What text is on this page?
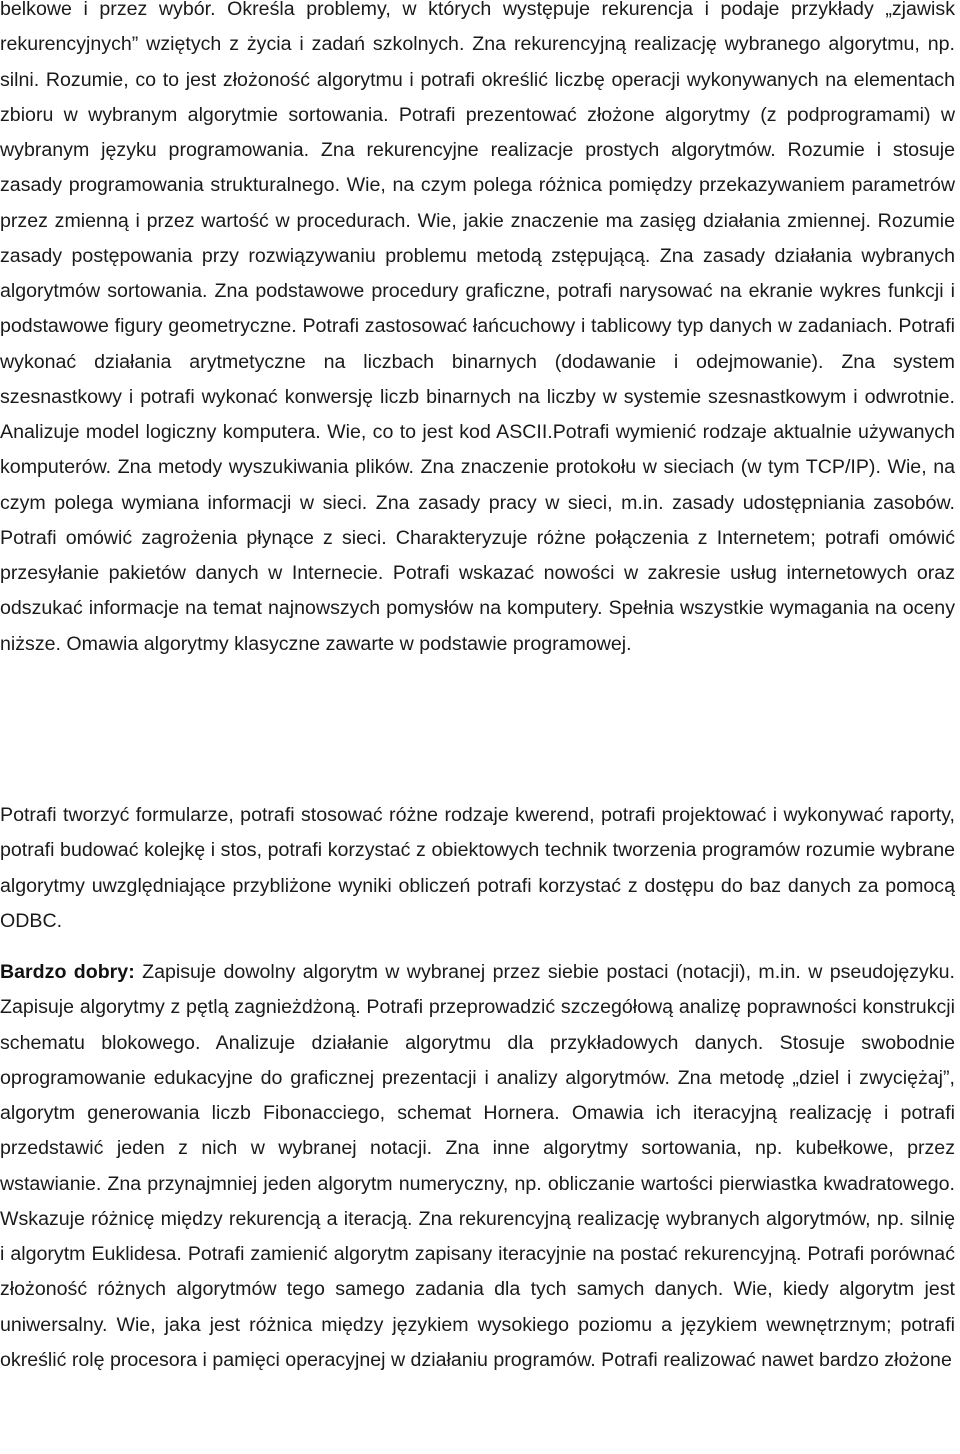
belkowe i przez wybór. Określa problemy, w których występuje rekurencja i podaje przykłady „zjawisk rekurencyjnych” wziętych z życia i zadań szkolnych. Zna rekurencyjną realizację wybranego algorytmu, np. silni. Rozumie, co to jest złożoność algorytmu i potrafi określić liczbę operacji wykonywanych na elementach zbioru w wybranym algorytmie sortowania. Potrafi prezentować złożone algorytmy (z podprogramami) w wybranym języku programowania. Zna rekurencyjne realizacje prostych algorytmów. Rozumie i stosuje zasady programowania strukturalnego. Wie, na czym polega różnica pomiędzy przekazywaniem parametrów przez zmienną i przez wartość w procedurach. Wie, jakie znaczenie ma zasięg działania zmiennej. Rozumie zasady postępowania przy rozwiązywaniu problemu metodą zstępującą. Zna zasady działania wybranych algorytmów sortowania. Zna podstawowe procedury graficzne, potrafi narysować na ekranie wykres funkcji i podstawowe figury geometryczne. Potrafi zastosować łańcuchowy i tablicowy typ danych w zadaniach. Potrafi wykonać działania arytmetyczne na liczbach binarnych (dodawanie i odejmowanie). Zna system szesnastkowy i potrafi wykonać konwersję liczb binarnych na liczby w systemie szesnastkowym i odwrotnie. Analizuje model logiczny komputera. Wie, co to jest kod ASCII.Potrafi wymienić rodzaje aktualnie używanych komputerów. Zna metody wyszukiwania plików. Zna znaczenie protokołu w sieciach (w tym TCP/IP). Wie, na czym polega wymiana informacji w sieci. Zna zasady pracy w sieci, m.in. zasady udostępniania zasobów. Potrafi omówić zagrożenia płynące z sieci. Charakteryzuje różne połączenia z Internetem; potrafi omówić przesyłanie pakietów danych w Internecie. Potrafi wskazać nowości w zakresie usług internetowych oraz odszukać informacje na temat najnowszych pomysłów na komputery. Spełnia wszystkie wymagania na oceny niższe. Omawia algorytmy klasyczne zawarte w podstawie programowej.

Potrafi tworzyć formularze, potrafi stosować różne rodzaje kwerend, potrafi projektować i wykonywać raporty, potrafi budować kolejkę i stos, potrafi korzystać z obiektowych technik tworzenia programów rozumie wybrane algorytmy uwzględniające przybliżone wyniki obliczeń potrafi korzystać z dostępu do baz danych za pomocą ODBC.

Bardzo dobry: Zapisuje dowolny algorytm w wybranej przez siebie postaci (notacji), m.in. w pseudojęzyku. Zapisuje algorytmy z pętlą zagnieżdżoną. Potrafi przeprowadzić szczegółową analizę poprawności konstrukcji schematu blokowego. Analizuje działanie algorytmu dla przykładowych danych. Stosuje swobodnie oprogramowanie edukacyjne do graficznej prezentacji i analizy algorytmów. Zna metodę „dziel i zwyciężaj”, algorytm generowania liczb Fibonacciego, schemat Hornera. Omawia ich iteracyjną realizację i potrafi przedstawić jeden z nich w wybranej notacji. Zna inne algorytmy sortowania, np. kubełkowe, przez wstawianie. Zna przynajmniej jeden algorytm numeryczny, np. obliczanie wartości pierwiastka kwadratowego. Wskazuje różnicę między rekurencją a iteracją. Zna rekurencyjną realizację wybranych algorytmów, np. silnię i algorytm Euklidesa. Potrafi zamienić algorytm zapisany iteracyjnie na postać rekurencyjną. Potrafi porównać złożoność różnych algorytmów tego samego zadania dla tych samych danych. Wie, kiedy algorytm jest uniwersalny. Wie, jaka jest różnica między językiem wysokiego poziomu a językiem wewnętrznym; potrafi określić rolę procesora i pamięci operacyjnej w działaniu programów. Potrafi realizować nawet bardzo złożone
